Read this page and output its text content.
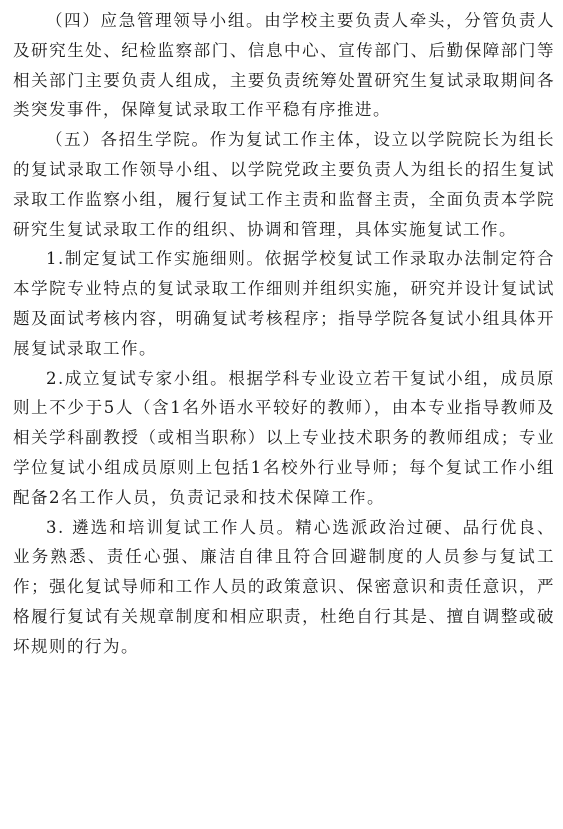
（四）应急管理领导小组。由学校主要负责人牵头，分管负责人及研究生处、纪检监察部门、信息中心、宣传部门、后勤保障部门等相关部门主要负责人组成，主要负责统筹处置研究生复试录取期间各类突发事件，保障复试录取工作平稳有序推进。

（五）各招生学院。作为复试工作主体，设立以学院院长为组长的复试录取工作领导小组、以学院党政主要负责人为组长的招生复试录取工作监察小组，履行复试工作主责和监督主责，全面负责本学院研究生复试录取工作的组织、协调和管理，具体实施复试工作。

1.制定复试工作实施细则。依据学校复试工作录取办法制定符合本学院专业特点的复试录取工作细则并组织实施，研究并设计复试试题及面试考核内容，明确复试考核程序；指导学院各复试小组具体开展复试录取工作。

2.成立复试专家小组。根据学科专业设立若干复试小组，成员原则上不少于5人（含1名外语水平较好的教师），由本专业指导教师及相关学科副教授（或相当职称）以上专业技术职务的教师组成；专业学位复试小组成员原则上包括1名校外行业导师；每个复试工作小组配备2名工作人员，负责记录和技术保障工作。

3. 遴选和培训复试工作人员。精心选派政治过硬、品行优良、业务熟悉、责任心强、廉洁自律且符合回避制度的人员参与复试工作；强化复试导师和工作人员的政策意识、保密意识和责任意识，严格履行复试有关规章制度和相应职责，杜绝自行其是、擅自调整或破坏规则的行为。
